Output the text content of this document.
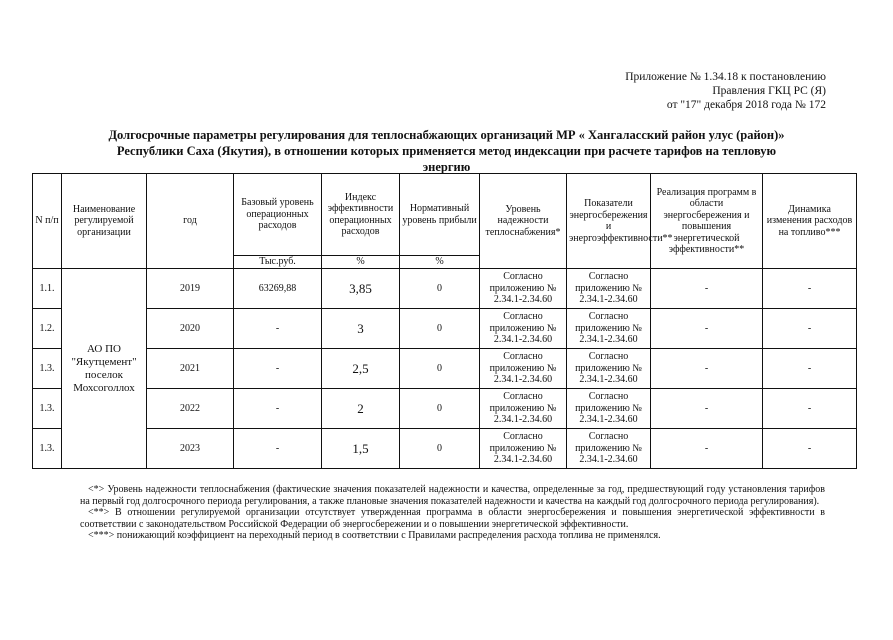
Приложение № 1.34.18 к постановлению
Правления ГКЦ РС (Я)
от "17" декабря 2018 года № 172
Долгосрочные параметры регулирования для теплоснабжающих организаций МР « Хангаласский район улус (район)» Республики Саха (Якутия), в отношении которых применяется метод индексации при расчете тарифов на тепловую энергию
N п/п	Наименование регулируемой организации	год	Базовый уровень операционных расходов	Индекс эффективности операционных расходов	Нормативный уровень прибыли	Уровень надежности теплоснабжения*	Показатели энергосбережения и энергоэффективности**	Реализация программ в области энергосбережения и повышения энергетической эффективности**	Динамика изменения расходов на топливо***
			Тыс.руб.	%	%				
1.1.	АО ПО "Якутцемент" поселок Мохсоголлох	2019	63269,88	3,85	0	Согласно приложению № 2.34.1-2.34.60	Согласно приложению № 2.34.1-2.34.60	-	-
1.2.		2020	-	3	0	Согласно приложению № 2.34.1-2.34.60	Согласно приложению № 2.34.1-2.34.60	-	-
1.3.		2021	-	2,5	0	Согласно приложению № 2.34.1-2.34.60	Согласно приложению № 2.34.1-2.34.60	-	-
1.3.		2022	-	2	0	Согласно приложению № 2.34.1-2.34.60	Согласно приложению № 2.34.1-2.34.60	-	-
1.3.		2023	-	1,5	0	Согласно приложению № 2.34.1-2.34.60	Согласно приложению № 2.34.1-2.34.60	-	-

<*> Уровень надежности теплоснабжения (фактические значения показателей надежности и качества, определенные за год, предшествующий году установления тарифов на первый год долгосрочного периода регулирования, а также плановые значения показателей надежности и качества на каждый год долгосрочного периода регулирования).

<**> В отношении регулируемой организации отсутствует утвержденная программа в области энергосбережения и повышения энергетической эффективности в соответствии с законодательством Российской Федерации об энергосбережении и о повышении энергетической эффективности.

<***> понижающий коэффициент на переходный период в соответствии с Правилами распределения расхода топлива не применялся.
